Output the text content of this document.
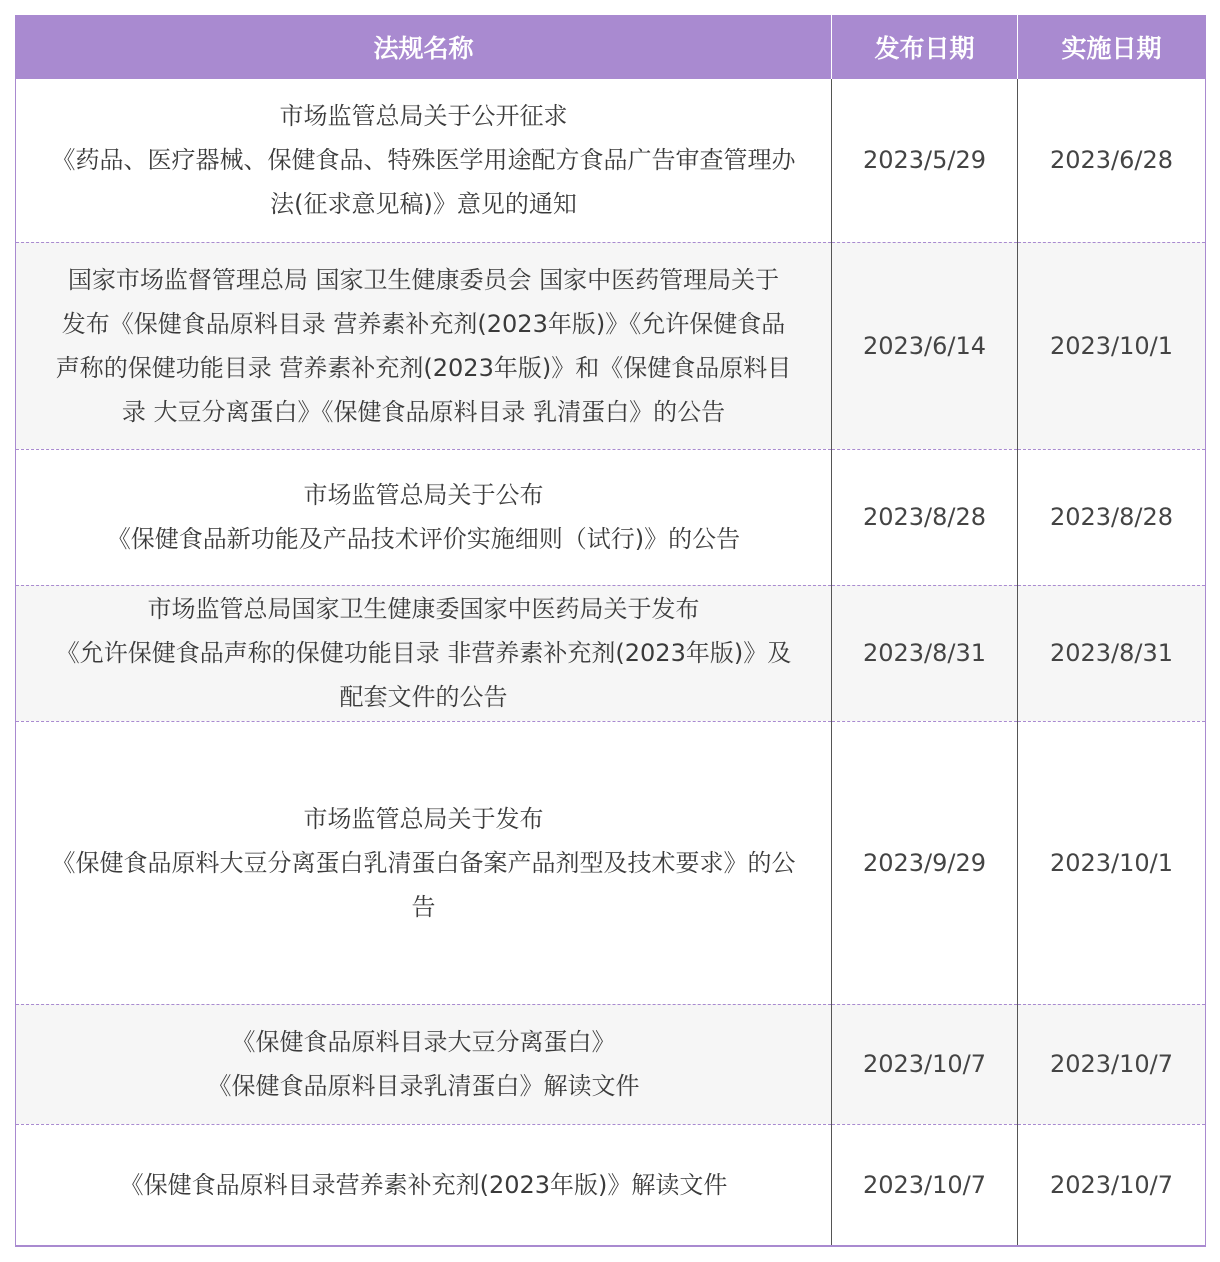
法规名称	发布日期	实施日期

市场监管总局关于公开征求
《药品、医疗器械、保健食品、特殊医学用途配方食品广告审查管理办
法(征求意见稿)》意见的通知	2023/5/29	2023/6/28

国家市场监督管理总局 国家卫生健康委员会 国家中医药管理局关于
发布《保健食品原料目录 营养素补充剂(2023年版)》《允许保健食品
声称的保健功能目录 营养素补充剂(2023年版)》和《保健食品原料目
录 大豆分离蛋白》《保健食品原料目录 乳清蛋白》的公告	2023/6/14	2023/10/1

市场监管总局关于公布
《保健食品新功能及产品技术评价实施细则（试行)》的公告	2023/8/28	2023/8/28

市场监管总局国家卫生健康委国家中医药局关于发布
《允许保健食品声称的保健功能目录 非营养素补充剂(2023年版)》及
配套文件的公告	2023/8/31	2023/8/31

市场监管总局关于发布
《保健食品原料大豆分离蛋白乳清蛋白备案产品剂型及技术要求》的公
告	2023/9/29	2023/10/1

《保健食品原料目录大豆分离蛋白》
《保健食品原料目录乳清蛋白》解读文件	2023/10/7	2023/10/7

《保健食品原料目录营养素补充剂(2023年版)》解读文件	2023/10/7	2023/10/7
